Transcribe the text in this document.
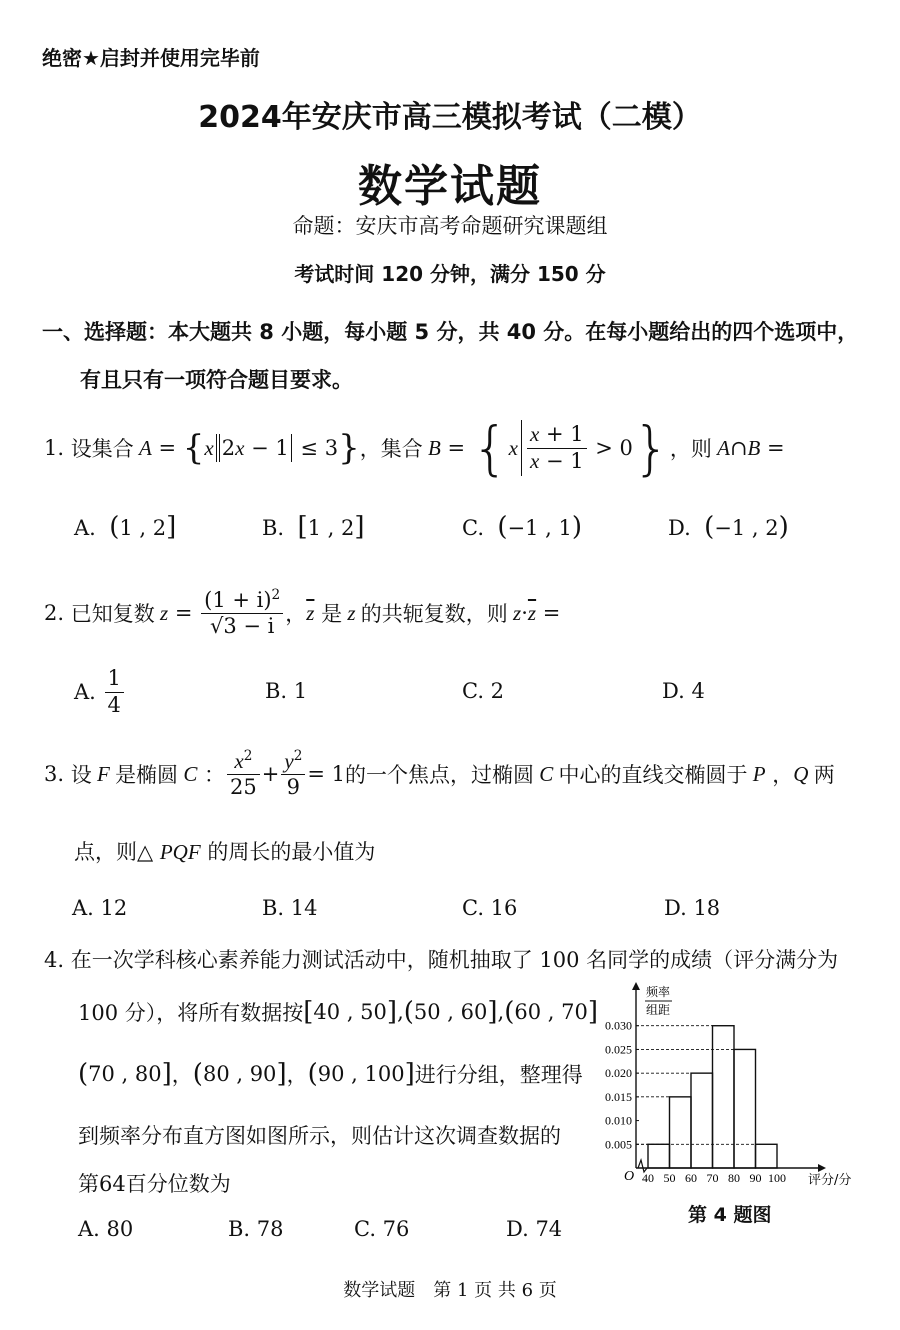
绝密★启封并使用完毕前
2024年安庆市高三模拟考试（二模）
数学试题
命题：安庆市高考命题研究课题组
考试时间 120 分钟，满分 150 分
一、选择题：本大题共 8 小题，每小题 5 分，共 40 分。在每小题给出的四个选项中，
有且只有一项符合题目要求。
1.
设集合 A = { x 2 x − 1
≤ 3 } ，集合 B = { x $\frac{x + 1}{x - 1} > 0$ } ，则 A ∩ B =
A. (1 , 2]	B. [1 , 2]	C. (−1 , 1)	D. (−1 , 2)
2.
已知复数 $z = \frac{(1 + i)^2}{√3 - i}$ ， $\overline{z}$
是 z 的共轭复数，则 $z \cdot \overline{z}$ =
A.
$\frac{1}{4}$	B. 1	C. 2	D. 4
3.
设 F 是椭圆 C ： $\frac{x^2}{25} + \frac{y^2}{9} = 1$ 的一个焦点，过椭圆 C 中心的直线交椭圆于 P ， Q 两
点，则△ PQF 的周长的最小值为
A. 12	B. 14	C. 16	D. 18
4. 在一次学科核心素养能力测试活动中，随机抽取了 100 名同学的成绩（评分满分为
100 分），将所有数据按 [ 40 , 50 ] , ( 50 , 60 ] , ( 60 , 70 ]
( 70 , 80 ] ， ( 80 , 90 ] ， ( 90 , 100 ] 进行分组，整理得
到频率分布直方图如图所示，则估计这次调查数据的
第64百分位数为
A. 80	B. 78	C. 76	D. 74
0.005
0.010
0.015
0.020
0.025
0.030
40 50 60 70 80 90 100
频率
组距
评分/分
O
第 4 题图
数学试题　第 1 页 共 6 页
